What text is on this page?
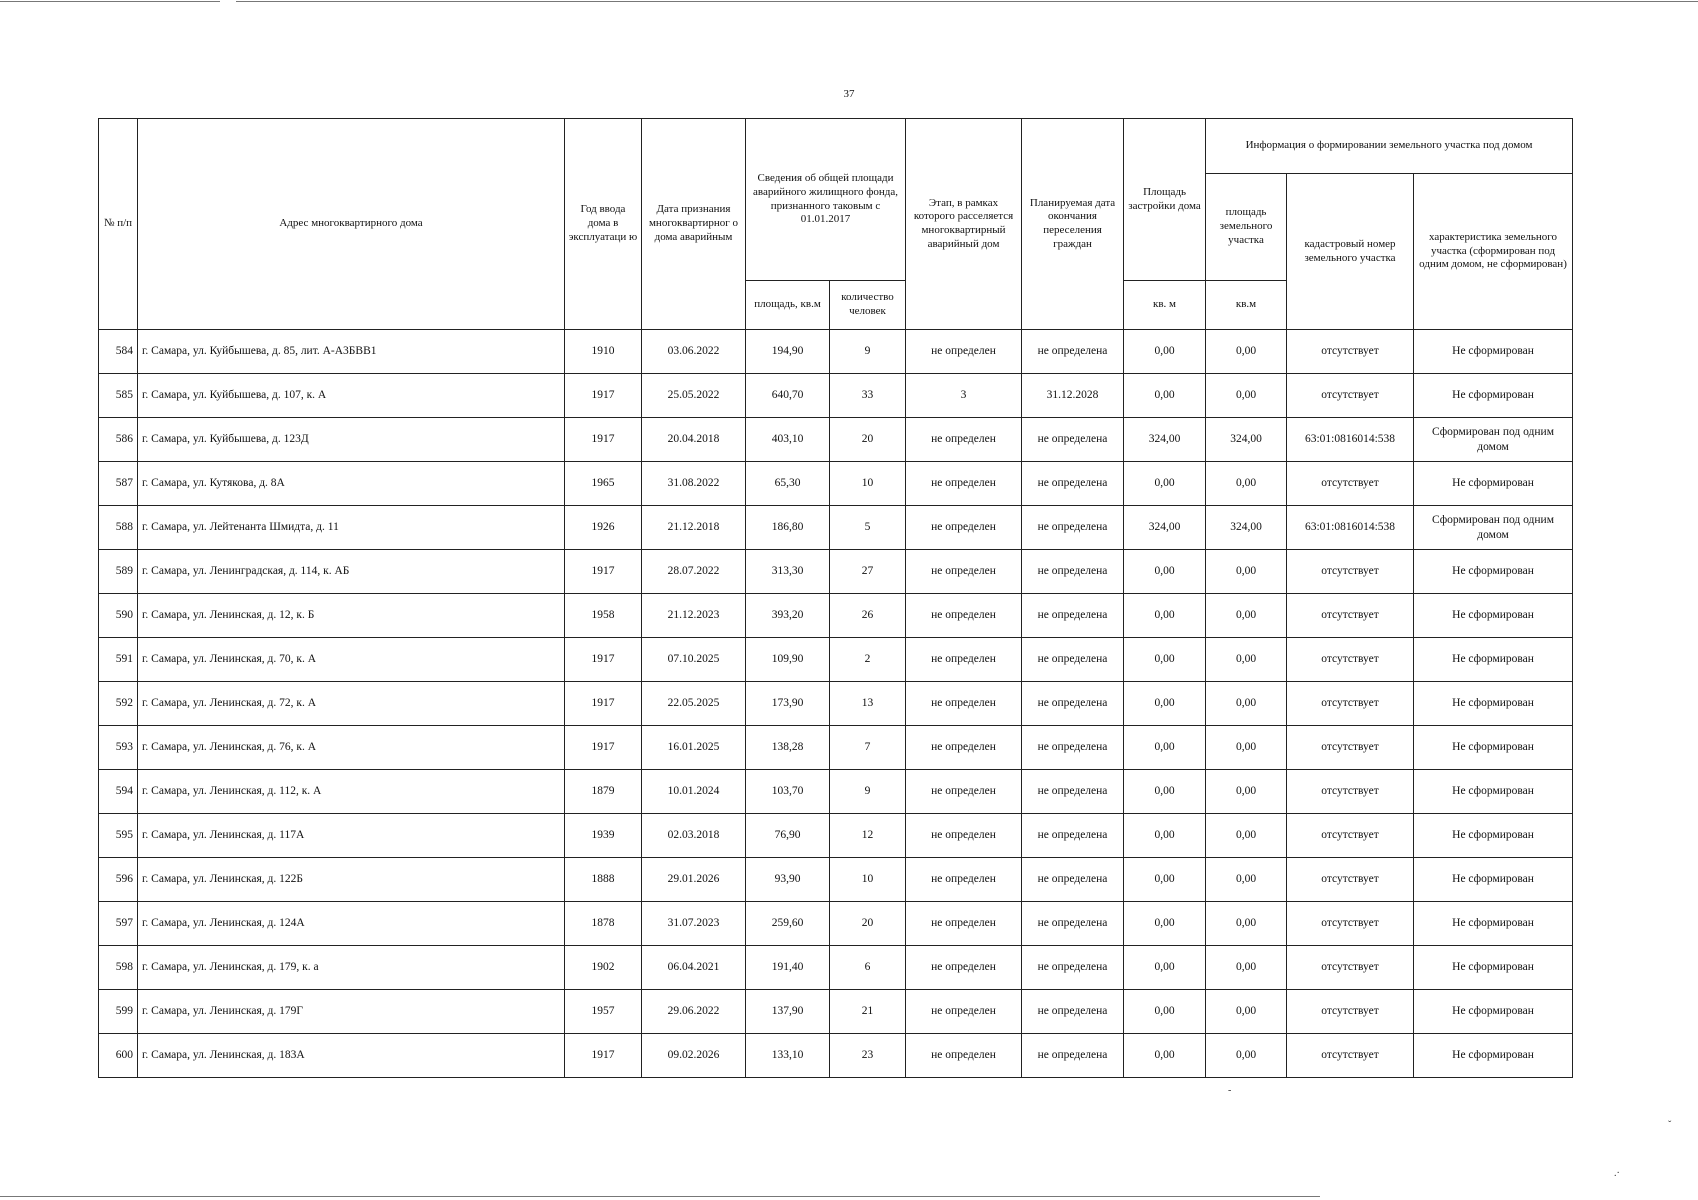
37
№ п/п	Адрес многоквартирного дома	Год ввода дома в эксплуатаци ю	Дата признания многоквартирног о дома аварийным	Сведения об общей площади аварийного жилищного фонда, признанного таковым с 01.01.2017		Этап, в рамках которого расселяется многоквартирный аварийный дом	Планируемая дата окончания переселения граждан	Площадь застройки дома	Информация о формировании земельного участка под домом		
									площадь земельного участка	кадастровый номер земельного участка	характеристика земельного участка (сформирован под одним домом, не сформирован)
				площадь, кв.м	количество человек			кв. м	кв.м		
584	г. Самара, ул. Куйбышева, д. 85, лит. А-А3БВВ1	1910	03.06.2022	194,90	9	не определен	не определена	0,00	0,00	отсутствует	Не сформирован
585	г. Самара, ул. Куйбышева, д. 107, к. А	1917	25.05.2022	640,70	33	3	31.12.2028	0,00	0,00	отсутствует	Не сформирован
586	г. Самара, ул. Куйбышева, д. 123Д	1917	20.04.2018	403,10	20	не определен	не определена	324,00	324,00	63:01:0816014:538	Сформирован под одним домом
587	г. Самара, ул. Кутякова, д. 8А	1965	31.08.2022	65,30	10	не определен	не определена	0,00	0,00	отсутствует	Не сформирован
588	г. Самара, ул. Лейтенанта Шмидта, д. 11	1926	21.12.2018	186,80	5	не определен	не определена	324,00	324,00	63:01:0816014:538	Сформирован под одним домом
589	г. Самара, ул. Ленинградская, д. 114, к. АБ	1917	28.07.2022	313,30	27	не определен	не определена	0,00	0,00	отсутствует	Не сформирован
590	г. Самара, ул. Ленинская, д. 12, к. Б	1958	21.12.2023	393,20	26	не определен	не определена	0,00	0,00	отсутствует	Не сформирован
591	г. Самара, ул. Ленинская, д. 70, к. А	1917	07.10.2025	109,90	2	не определен	не определена	0,00	0,00	отсутствует	Не сформирован
592	г. Самара, ул. Ленинская, д. 72, к. А	1917	22.05.2025	173,90	13	не определен	не определена	0,00	0,00	отсутствует	Не сформирован
593	г. Самара, ул. Ленинская, д. 76, к. А	1917	16.01.2025	138,28	7	не определен	не определена	0,00	0,00	отсутствует	Не сформирован
594	г. Самара, ул. Ленинская, д. 112, к. А	1879	10.01.2024	103,70	9	не определен	не определена	0,00	0,00	отсутствует	Не сформирован
595	г. Самара, ул. Ленинская, д. 117А	1939	02.03.2018	76,90	12	не определен	не определена	0,00	0,00	отсутствует	Не сформирован
596	г. Самара, ул. Ленинская, д. 122Б	1888	29.01.2026	93,90	10	не определен	не определена	0,00	0,00	отсутствует	Не сформирован
597	г. Самара, ул. Ленинская, д. 124А	1878	31.07.2023	259,60	20	не определен	не определена	0,00	0,00	отсутствует	Не сформирован
598	г. Самара, ул. Ленинская, д. 179, к. а	1902	06.04.2021	191,40	6	не определен	не определена	0,00	0,00	отсутствует	Не сформирован
599	г. Самара, ул. Ленинская, д. 179Г	1957	29.06.2022	137,90	21	не определен	не определена	0,00	0,00	отсутствует	Не сформирован
600	г. Самара, ул. Ленинская, д. 183А	1917	09.02.2026	133,10	23	не определен	не определена	0,00	0,00	отсутствует	Не сформирован
-
ˇ
.·
